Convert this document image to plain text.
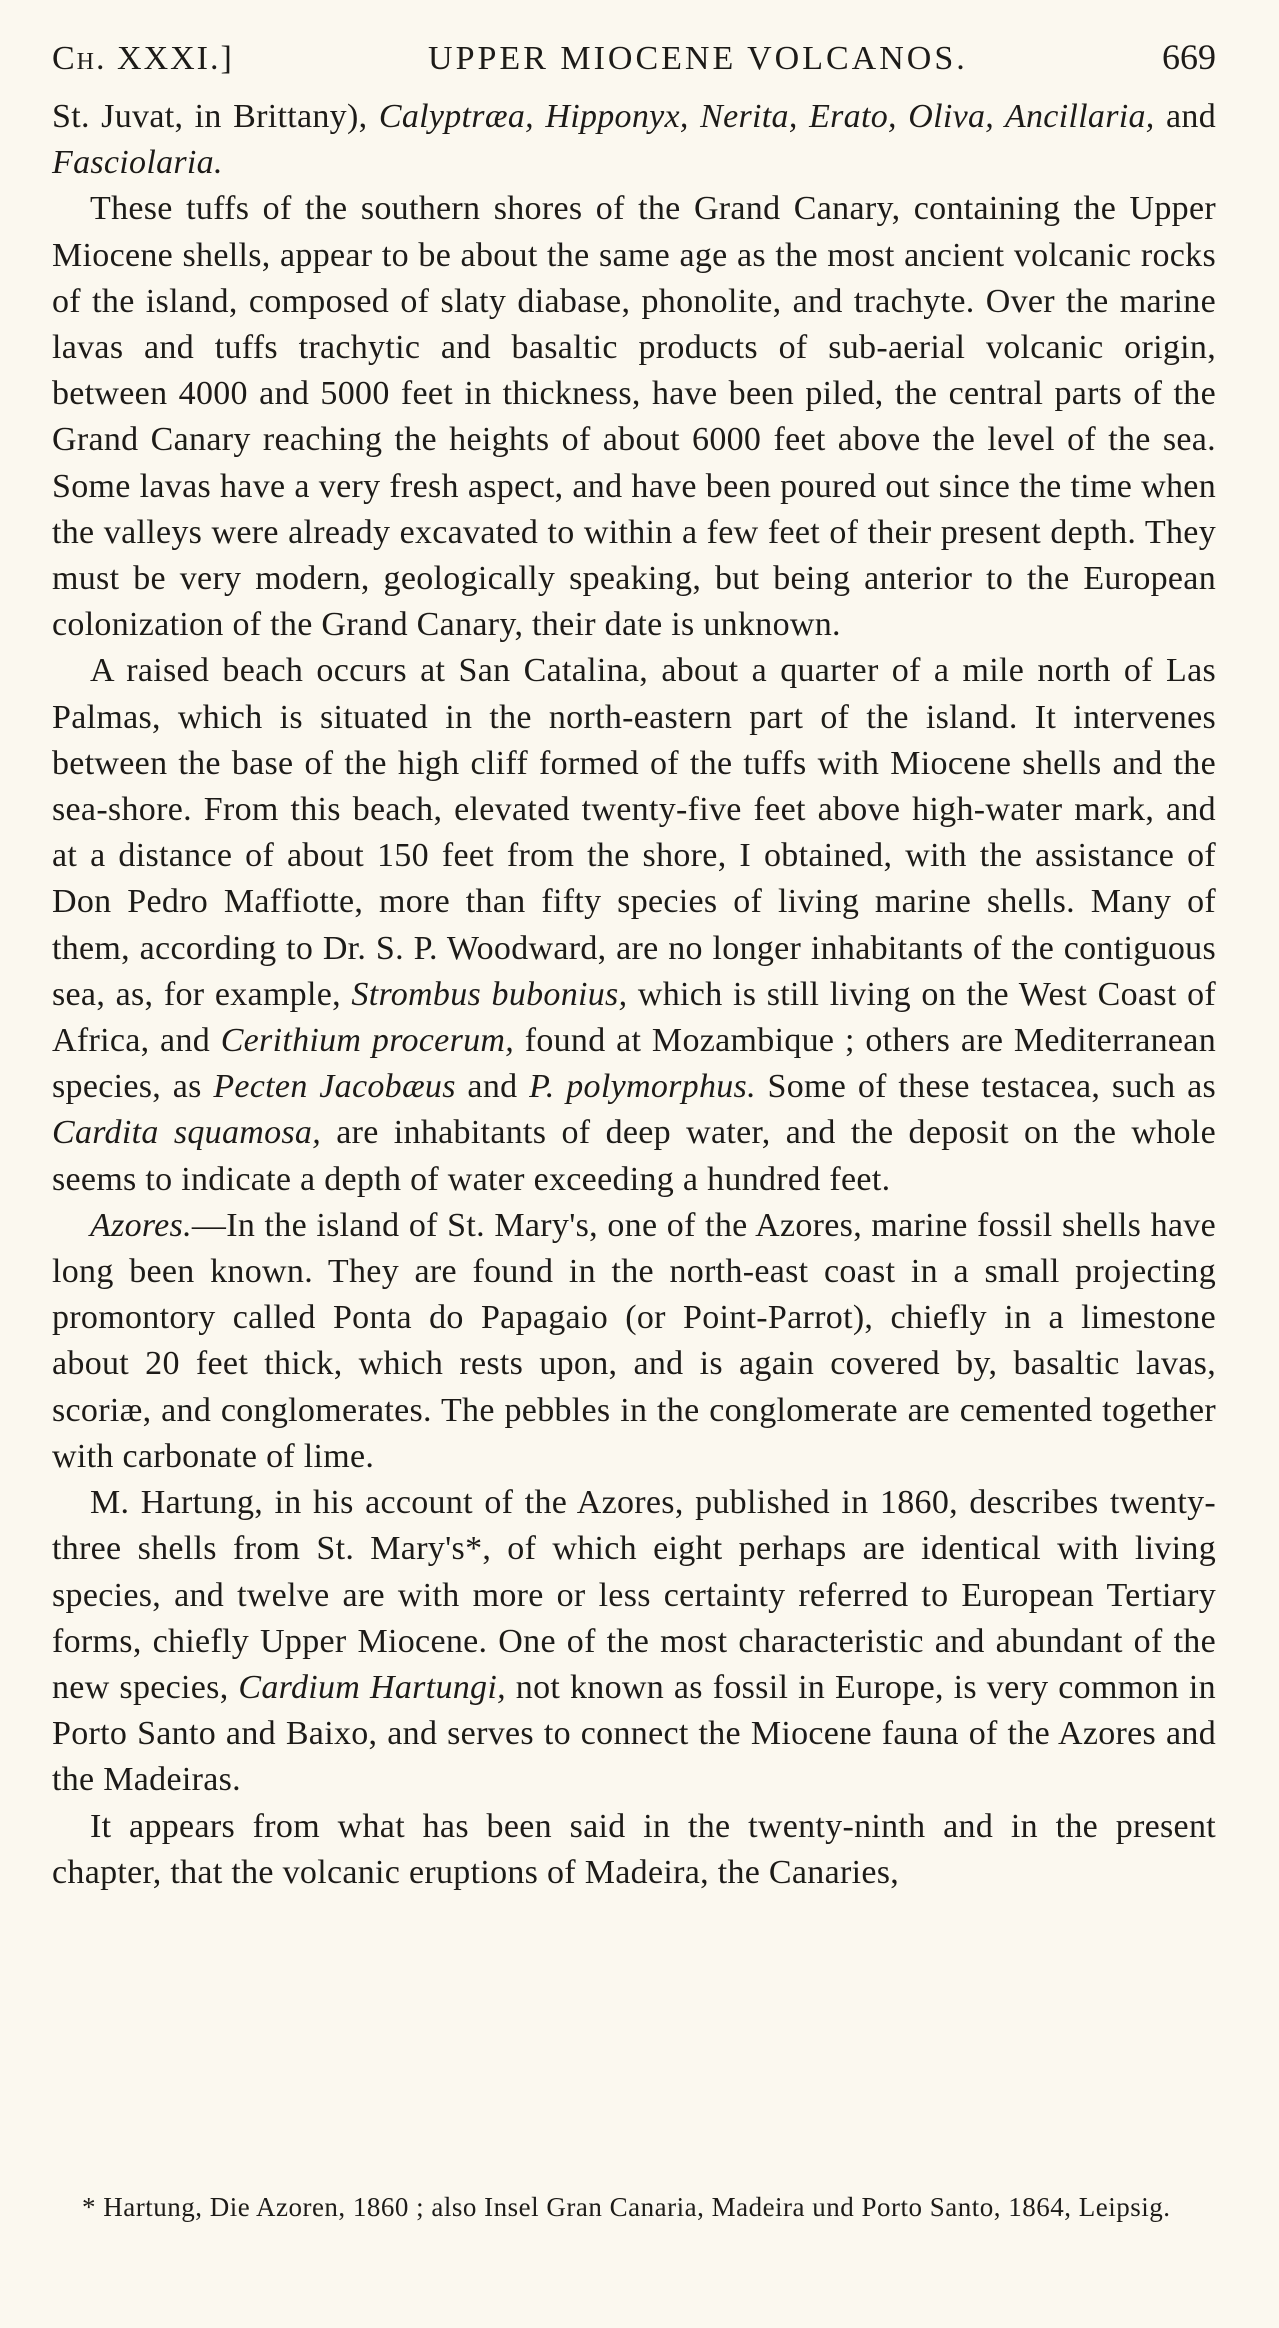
Ch. XXXI.]	UPPER MIOCENE VOLCANOS.	669

St. Juvat, in Brittany), Calyptræa, Hipponyx, Nerita, Erato, Oliva, Ancillaria, and Fasciolaria.

These tuffs of the southern shores of the Grand Canary, containing the Upper Miocene shells, appear to be about the same age as the most ancient volcanic rocks of the island, composed of slaty diabase, phonolite, and trachyte. Over the marine lavas and tuffs trachytic and basaltic products of sub-aerial volcanic origin, between 4000 and 5000 feet in thickness, have been piled, the central parts of the Grand Canary reaching the heights of about 6000 feet above the level of the sea. Some lavas have a very fresh aspect, and have been poured out since the time when the valleys were already excavated to within a few feet of their present depth. They must be very modern, geologically speaking, but being anterior to the European colonization of the Grand Canary, their date is unknown.

A raised beach occurs at San Catalina, about a quarter of a mile north of Las Palmas, which is situated in the north-eastern part of the island. It intervenes between the base of the high cliff formed of the tuffs with Miocene shells and the sea-shore. From this beach, elevated twenty-five feet above high-water mark, and at a distance of about 150 feet from the shore, I obtained, with the assistance of Don Pedro Maffiotte, more than fifty species of living marine shells. Many of them, according to Dr. S. P. Woodward, are no longer inhabitants of the contiguous sea, as, for example, Strombus bubonius, which is still living on the West Coast of Africa, and Cerithium procerum, found at Mozambique ; others are Mediterranean species, as Pecten Jacobæus and P. polymorphus. Some of these testacea, such as Cardita squamosa, are inhabitants of deep water, and the deposit on the whole seems to indicate a depth of water exceeding a hundred feet.

Azores.—In the island of St. Mary's, one of the Azores, marine fossil shells have long been known. They are found in the north-east coast in a small projecting promontory called Ponta do Papagaio (or Point-Parrot), chiefly in a limestone about 20 feet thick, which rests upon, and is again covered by, basaltic lavas, scoriæ, and conglomerates. The pebbles in the conglomerate are cemented together with carbonate of lime.

M. Hartung, in his account of the Azores, published in 1860, describes twenty-three shells from St. Mary's*, of which eight perhaps are identical with living species, and twelve are with more or less certainty referred to European Tertiary forms, chiefly Upper Miocene. One of the most characteristic and abundant of the new species, Cardium Hartungi, not known as fossil in Europe, is very common in Porto Santo and Baixo, and serves to connect the Miocene fauna of the Azores and the Madeiras.

It appears from what has been said in the twenty-ninth and in the present chapter, that the volcanic eruptions of Madeira, the Canaries,

* Hartung, Die Azoren, 1860 ; also Insel Gran Canaria, Madeira und Porto Santo, 1864, Leipsig.
